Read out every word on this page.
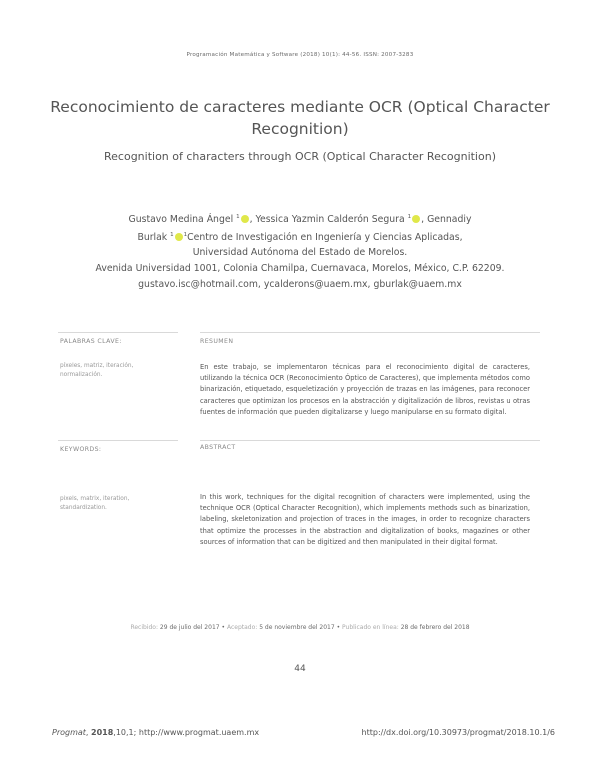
Programación Matemática y Software (2018) 10(1): 44-56. ISSN: 2007-3283
Reconocimiento de caracteres mediante OCR (Optical Character Recognition)
Recognition of characters through OCR (Optical Character Recognition)
Gustavo Medina Ángel $^1$ , Yessica Yazmin Calderón Segura $^1$ , Gennadiy
Burlak $^1$ $^1$Centro de Investigación en Ingeniería y Ciencias Aplicadas,
Universidad Autónoma del Estado de Morelos.
Avenida Universidad 1001, Colonia Chamilpa, Cuernavaca, Morelos, México, C.P. 62209.
gustavo.isc@hotmail.com, ycalderons@uaem.mx, gburlak@uaem.mx
PALABRAS CLAVE:	RESUMEN
píxeles, matriz, iteración, normalización.
En este trabajo, se implementaron técnicas para el reconocimiento digital de caracteres, utilizando la técnica OCR (Reconocimiento Óptico de Caracteres), que implementa métodos como binarización, etiquetado, esqueletización y proyección de trazas en las imágenes, para reconocer caracteres que optimizan los procesos en la abstracción y digitalización de libros, revistas u otras fuentes de información que pueden digitalizarse y luego manipularse en su formato digital.
KEYWORDS:	ABSTRACT
pixels, matrix, iteration, standardization.
In this work, techniques for the digital recognition of characters were implemented, using the technique OCR (Optical Character Recognition), which implements methods such as binarization, labeling, skeletonization and projection of traces in the images, in order to recognize characters that optimize the processes in the abstraction and digitalization of books, magazines or other sources of information that can be digitized and then manipulated in their digital format.
Recibido: 29 de julio del 2017 • Aceptado: 5 de noviembre del 2017 • Publicado en línea: 28 de febrero del 2018
44
Progmat, 2018,10,1; http://www.progmat.uaem.mx	http://dx.doi.org/10.30973/progmat/2018.10.1/6
